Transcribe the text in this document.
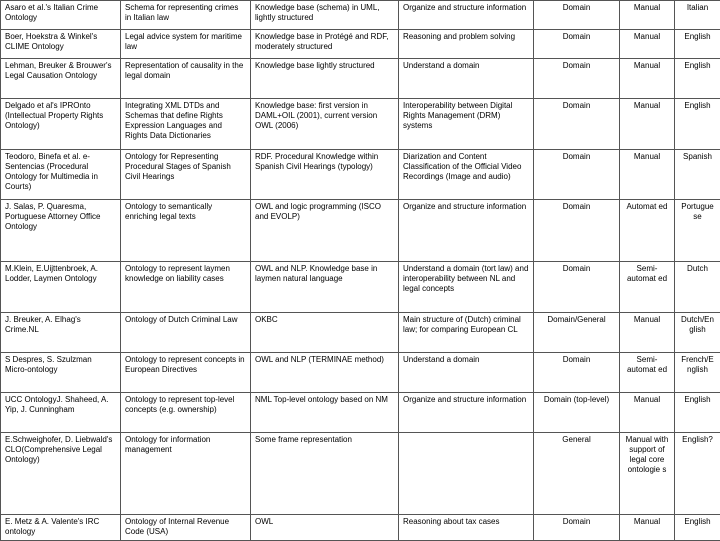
Asaro et al.'s Italian Crime Ontology	Schema for representing crimes in Italian law	Knowledge base (schema) in UML, lightly structured	Organize and structure information	Domain	Manual	Italian
Boer, Hoekstra & Winkel's CLIME Ontology	Legal advice system for maritime law	Knowledge base in Protégé and RDF, moderately structured	Reasoning and problem solving	Domain	Manual	English
Lehman, Breuker & Brouwer's Legal Causation Ontology	Representation of causality in the legal domain	Knowledge base lightly structured	Understand a domain	Domain	Manual	English
Delgado et al's IPROnto (Intellectual Property Rights Ontology)	Integrating XML DTDs and Schemas that define Rights Expression Languages and Rights Data Dictionaries	Knowledge base: first version in DAML+OIL (2001), current version OWL (2006)	Interoperability between Digital Rights Management (DRM) systems	Domain	Manual	English
Teodoro, Binefa et al. e-Sentencias (Procedural Ontology for Multimedia in Courts)	Ontology for Representing Procedural Stages of Spanish Civil Hearings	RDF. Procedural Knowledge within Spanish Civil Hearings (typology)	Diarization and Content Classification of the Official Video Recordings (Image and audio)	Domain	Manual	Spanish
J. Salas, P. Quaresma, Portuguese Attorney Office Ontology	Ontology to semantically enriching legal texts	OWL and logic programming (ISCO and EVOLP)	Organize and structure information	Domain	Automat ed	Portugue se
M.Klein, E.Uijttenbroek, A. Lodder, Laymen Ontology	Ontology to represent laymen knowledge on liability cases	OWL and NLP. Knowledge base in laymen natural language	Understand a domain (tort law) and interoperability between NL and legal concepts	Domain	Semi-automat ed	Dutch
J. Breuker, A. Elhag's Crime.NL	Ontology of Dutch Criminal Law	OKBC	Main structure of (Dutch) criminal law; for comparing European CL	Domain/General	Manual	Dutch/En glish
S Despres, S. Szulzman Micro-ontology	Ontology to represent concepts in European Directives	OWL and NLP (TERMINAE method)	Understand a domain	Domain	Semi-automat ed	French/E nglish
UCC OntologyJ. Shaheed, A. Yip, J. Cunningham	Ontology to represent top-level concepts (e.g. ownership)	NML Top-level ontology based on NM	Organize and structure information	Domain (top-level)	Manual	English
E.Schweighofer, D. Liebwald's CLO(Comprehensive Legal Ontology)	Ontology for information management	Some frame representation		General	Manual with support of legal core ontologie s	English?
E. Metz & A. Valente's IRC ontology	Ontology of Internal Revenue Code (USA)	OWL	Reasoning about tax cases	Domain	Manual	English
